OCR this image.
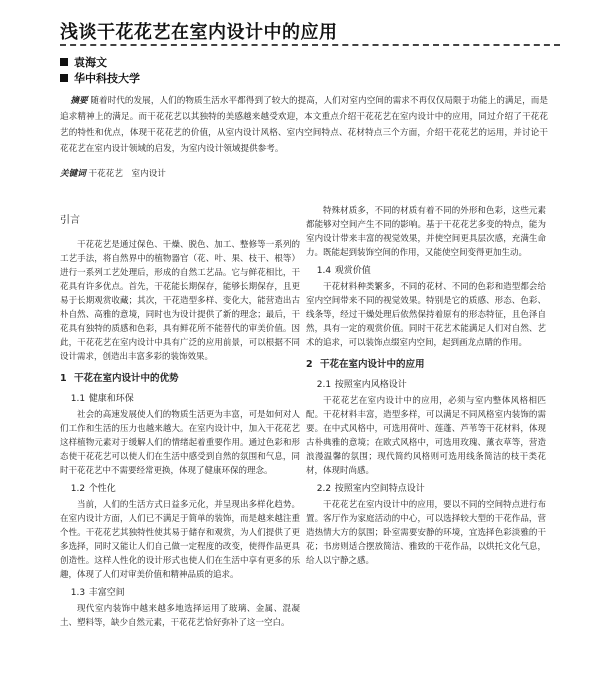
浅谈干花花艺在室内设计中的应用
袁海文
华中科技大学
摘要 随着时代的发展，人们的物质生活水平都得到了较大的提高，人们对室内空间的需求不再仅仅局限于功能上的满足，而是追求精神上的满足。而干花花艺以其独特的美感越来越受欢迎，本文重点介绍干花花艺在室内设计中的应用，同过介绍了干花花艺的特性和优点，体现干花花艺的价值，从室内设计风格、室内空间特点、花材特点三个方面，介绍干花花艺的运用，并讨论干花花艺在室内设计领域的启发，为室内设计领域提供参考。
关键词 干花花艺　室内设计
引言

干花花艺是通过保色、干燥、脱色、加工、整修等一系列的工艺手法，将自然界中的植物器官（花、叶、果、枝干、根等）进行一系列工艺处理后，形成的自然工艺品。它与鲜花相比，干花具有许多优点。首先，干花能长期保存，能够长期保存，且更易于长期观赏收藏；其次，干花造型多样、变化大，能营造出古朴自然、高雅的意境，同时也为设计提供了新的理念；最后，干花具有独特的质感和色彩，具有鲜花所不能替代的审美价值。因此，干花花艺在室内设计中具有广泛的应用前景，可以根据不同设计需求，创造出丰富多彩的装饰效果。

1 干花在室内设计中的优势
1.1 健康和环保

社会的高速发展使人们的物质生活更为丰富，可是如何对人们工作和生活的压力也越来越大。在室内设计中，加入干花花艺这样植物元素对于缓解人们的情绪起着重要作用。通过色彩和形态使干花花艺可以使人们在生活中感受到自然的氛围和气息，同时干花花艺中不需要经常更换，体现了健康环保的理念。

1.2 个性化

当前，人们的生活方式日益多元化，并呈现出多样化趋势。在室内设计方面，人们已不满足于简单的装饰，而是越来越注重个性。干花花艺其独特性使其易于储存和观赏，为人们提供了更多选择，同时又能让人们自己做一定程度的改变，使得作品更具创造性。这样人性化的设计形式也使人们在生活中享有更多的乐趣，体现了人们对审美价值和精神品质的追求。

1.3 丰富空间

现代室内装饰中越来越多地选择运用了玻璃、金属、混凝土、塑料等，缺少自然元素，干花花艺恰好弥补了这一空白。

特殊材质多，不同的材质有着不同的外形和色彩，这些元素都能够对空间产生不同的影响。基于干花花艺多变的特点，能为室内设计带来丰富的视觉效果，并使空间更具层次感，充满生命力。既能起到装饰空间的作用，又能使空间变得更加生动。

1.4 观赏价值

干花材料种类繁多，不同的花材、不同的色彩和造型都会给室内空间带来不同的视觉效果。特别是它的质感、形态、色彩、线条等，经过干燥处理后依然保持着原有的形态特征，且色泽自然，具有一定的观赏价值。同时干花艺术能满足人们对自然、艺术的追求，可以装饰点缀室内空间，起到画龙点睛的作用。

2 干花在室内设计中的应用
2.1 按照室内风格设计

干花花艺在室内设计中的应用，必须与室内整体风格相匹配。干花材料丰富，造型多样，可以满足不同风格室内装饰的需要。在中式风格中，可选用荷叶、莲蓬、芦苇等干花材料，体现古朴典雅的意境；在欧式风格中，可选用玫瑰、薰衣草等，营造浪漫温馨的氛围；现代简约风格则可选用线条简洁的枝干类花材，体现时尚感。

2.2 按照室内空间特点设计

干花花艺在室内设计中的应用，要以不同的空间特点进行布置。客厅作为家庭活动的中心，可以选择较大型的干花作品，营造热情大方的氛围；卧室需要安静的环境，宜选择色彩淡雅的干花；书房则适合摆放简洁、雅致的干花作品，以烘托文化气息，给人以宁静之感。
